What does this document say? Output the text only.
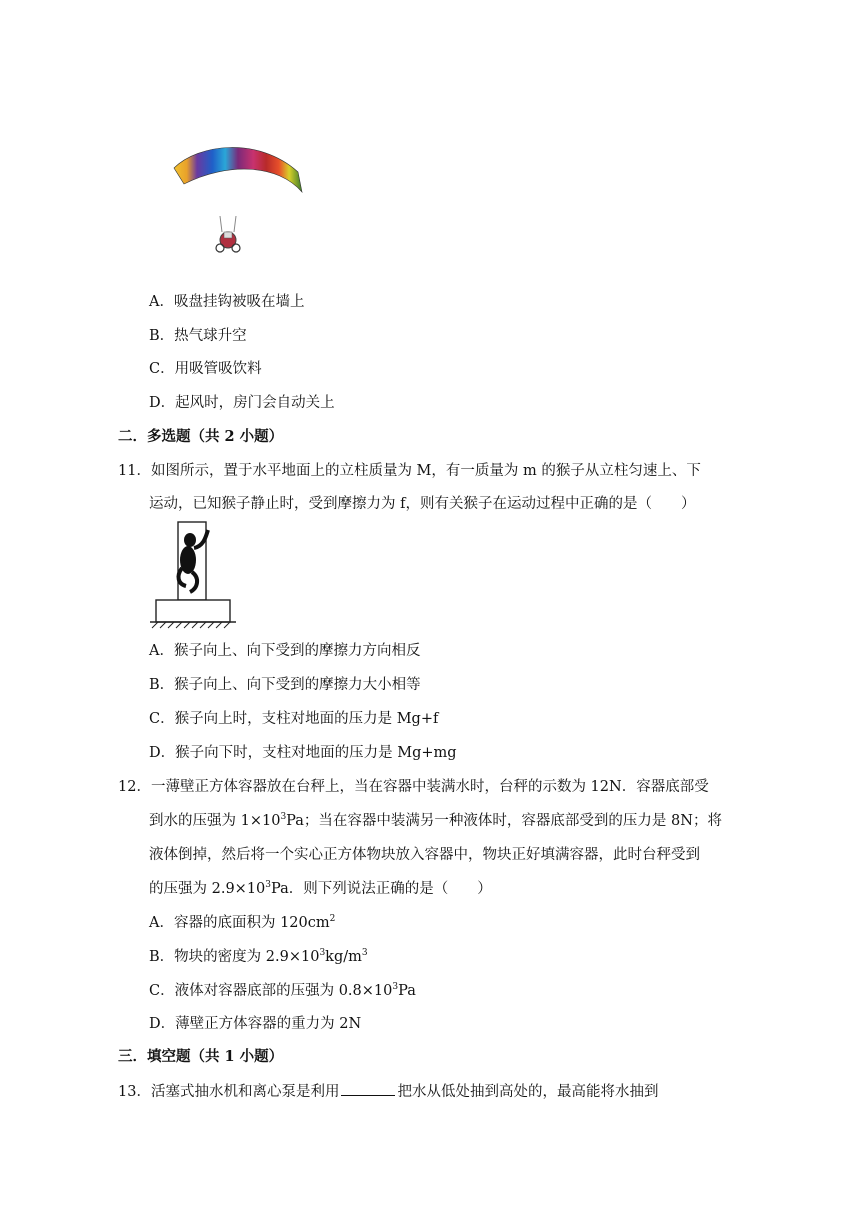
A．吸盘挂钩被吸在墙上
B．热气球升空
C．用吸管吸饮料
D．起风时，房门会自动关上
二．多选题（共 2 小题）
11．如图所示，置于水平地面上的立柱质量为 M，有一质量为 m 的猴子从立柱匀速上、下
运动，已知猴子静止时，受到摩擦力为 f，则有关猴子在运动过程中正确的是（　　）
A．猴子向上、向下受到的摩擦力方向相反
B．猴子向上、向下受到的摩擦力大小相等
C．猴子向上时，支柱对地面的压力是 Mg+f
D．猴子向下时，支柱对地面的压力是 Mg+mg
12．一薄壁正方体容器放在台秤上，当在容器中装满水时，台秤的示数为 12N．容器底部受
到水的压强为 $1\times 10^3Pa$；当在容器中装满另一种液体时，容器底部受到的压力是 8N；将
液体倒掉，然后将一个实心正方体物块放入容器中，物块正好填满容器，此时台秤受到
的压强为 $2.9\times 10^3Pa$．则下列说法正确的是（　　）
A．容器的底面积为 $120cm^2$
B．物块的密度为 $2.9\times 10^3kg/m^3$
C．液体对容器底部的压强为 $0.8\times 10^3Pa$
D．薄壁正方体容器的重力为 2N
三．填空题（共 1 小题）
13．活塞式抽水机和离心泵是利用	把水从低处抽到高处的，最高能将水抽到
